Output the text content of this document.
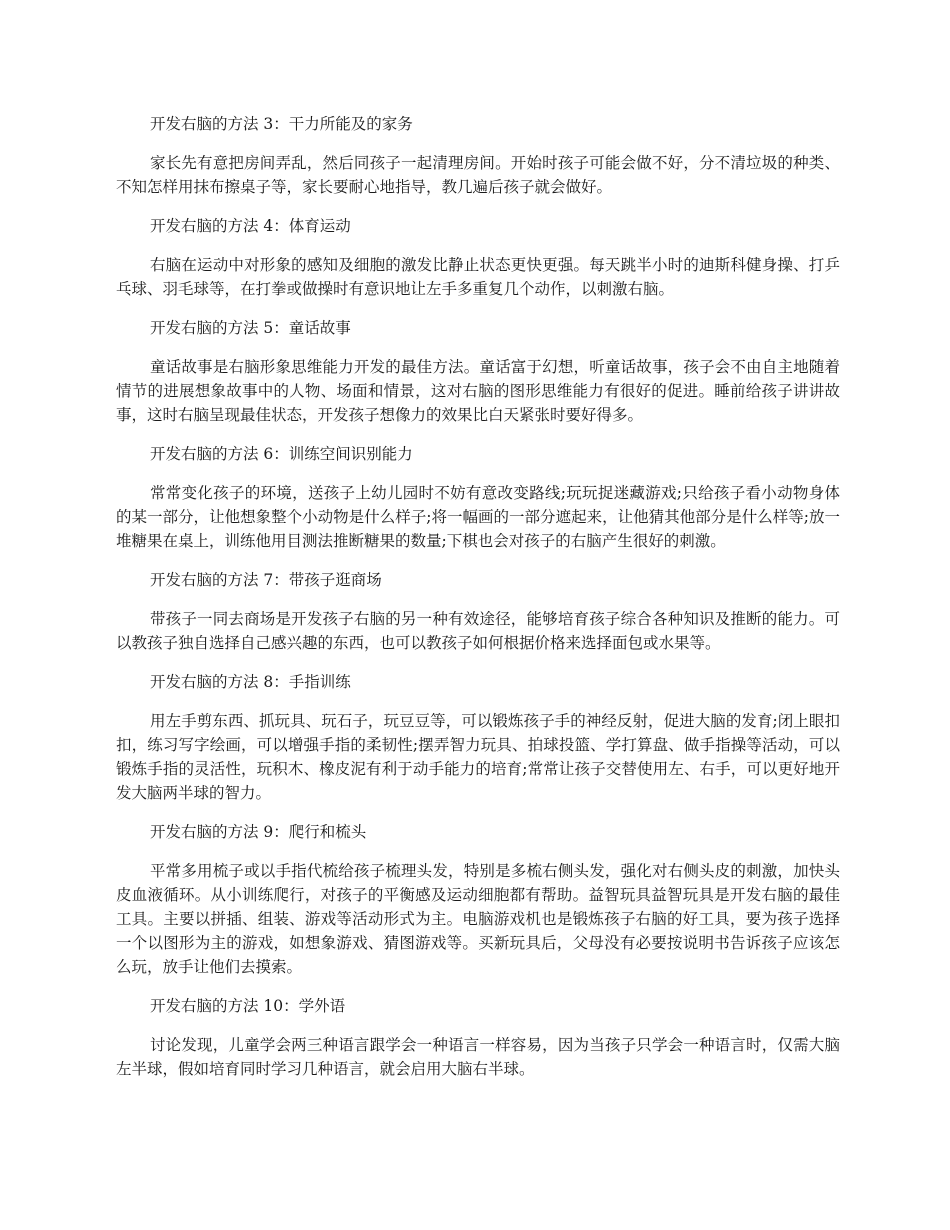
开发右脑的方法 3：干力所能及的家务

家长先有意把房间弄乱，然后同孩子一起清理房间。开始时孩子可能会做不好，分不清垃圾的种类、不知怎样用抹布擦桌子等，家长要耐心地指导，教几遍后孩子就会做好。

开发右脑的方法 4：体育运动

右脑在运动中对形象的感知及细胞的激发比静止状态更快更强。每天跳半小时的迪斯科健身操、打乒乓球、羽毛球等，在打拳或做操时有意识地让左手多重复几个动作，以刺激右脑。

开发右脑的方法 5：童话故事

童话故事是右脑形象思维能力开发的最佳方法。童话富于幻想，听童话故事，孩子会不由自主地随着情节的进展想象故事中的人物、场面和情景，这对右脑的图形思维能力有很好的促进。睡前给孩子讲讲故事，这时右脑呈现最佳状态，开发孩子想像力的效果比白天紧张时要好得多。

开发右脑的方法 6：训练空间识别能力

常常变化孩子的环境，送孩子上幼儿园时不妨有意改变路线;玩玩捉迷藏游戏;只给孩子看小动物身体的某一部分，让他想象整个小动物是什么样子;将一幅画的一部分遮起来，让他猜其他部分是什么样等;放一堆糖果在桌上，训练他用目测法推断糖果的数量;下棋也会对孩子的右脑产生很好的刺激。

开发右脑的方法 7：带孩子逛商场

带孩子一同去商场是开发孩子右脑的另一种有效途径，能够培育孩子综合各种知识及推断的能力。可以教孩子独自选择自己感兴趣的东西，也可以教孩子如何根据价格来选择面包或水果等。

开发右脑的方法 8：手指训练

用左手剪东西、抓玩具、玩石子，玩豆豆等，可以锻炼孩子手的神经反射，促进大脑的发育;闭上眼扣扣，练习写字绘画，可以增强手指的柔韧性;摆弄智力玩具、拍球投篮、学打算盘、做手指操等活动，可以锻炼手指的灵活性，玩积木、橡皮泥有利于动手能力的培育;常常让孩子交替使用左、右手，可以更好地开发大脑两半球的智力。

开发右脑的方法 9：爬行和梳头

平常多用梳子或以手指代梳给孩子梳理头发，特别是多梳右侧头发，强化对右侧头皮的刺激，加快头皮血液循环。从小训练爬行，对孩子的平衡感及运动细胞都有帮助。益智玩具益智玩具是开发右脑的最佳工具。主要以拼插、组装、游戏等活动形式为主。电脑游戏机也是锻炼孩子右脑的好工具，要为孩子选择一个以图形为主的游戏，如想象游戏、猜图游戏等。买新玩具后，父母没有必要按说明书告诉孩子应该怎么玩，放手让他们去摸索。

开发右脑的方法 10：学外语

讨论发现，儿童学会两三种语言跟学会一种语言一样容易，因为当孩子只学会一种语言时，仅需大脑左半球，假如培育同时学习几种语言，就会启用大脑右半球。
